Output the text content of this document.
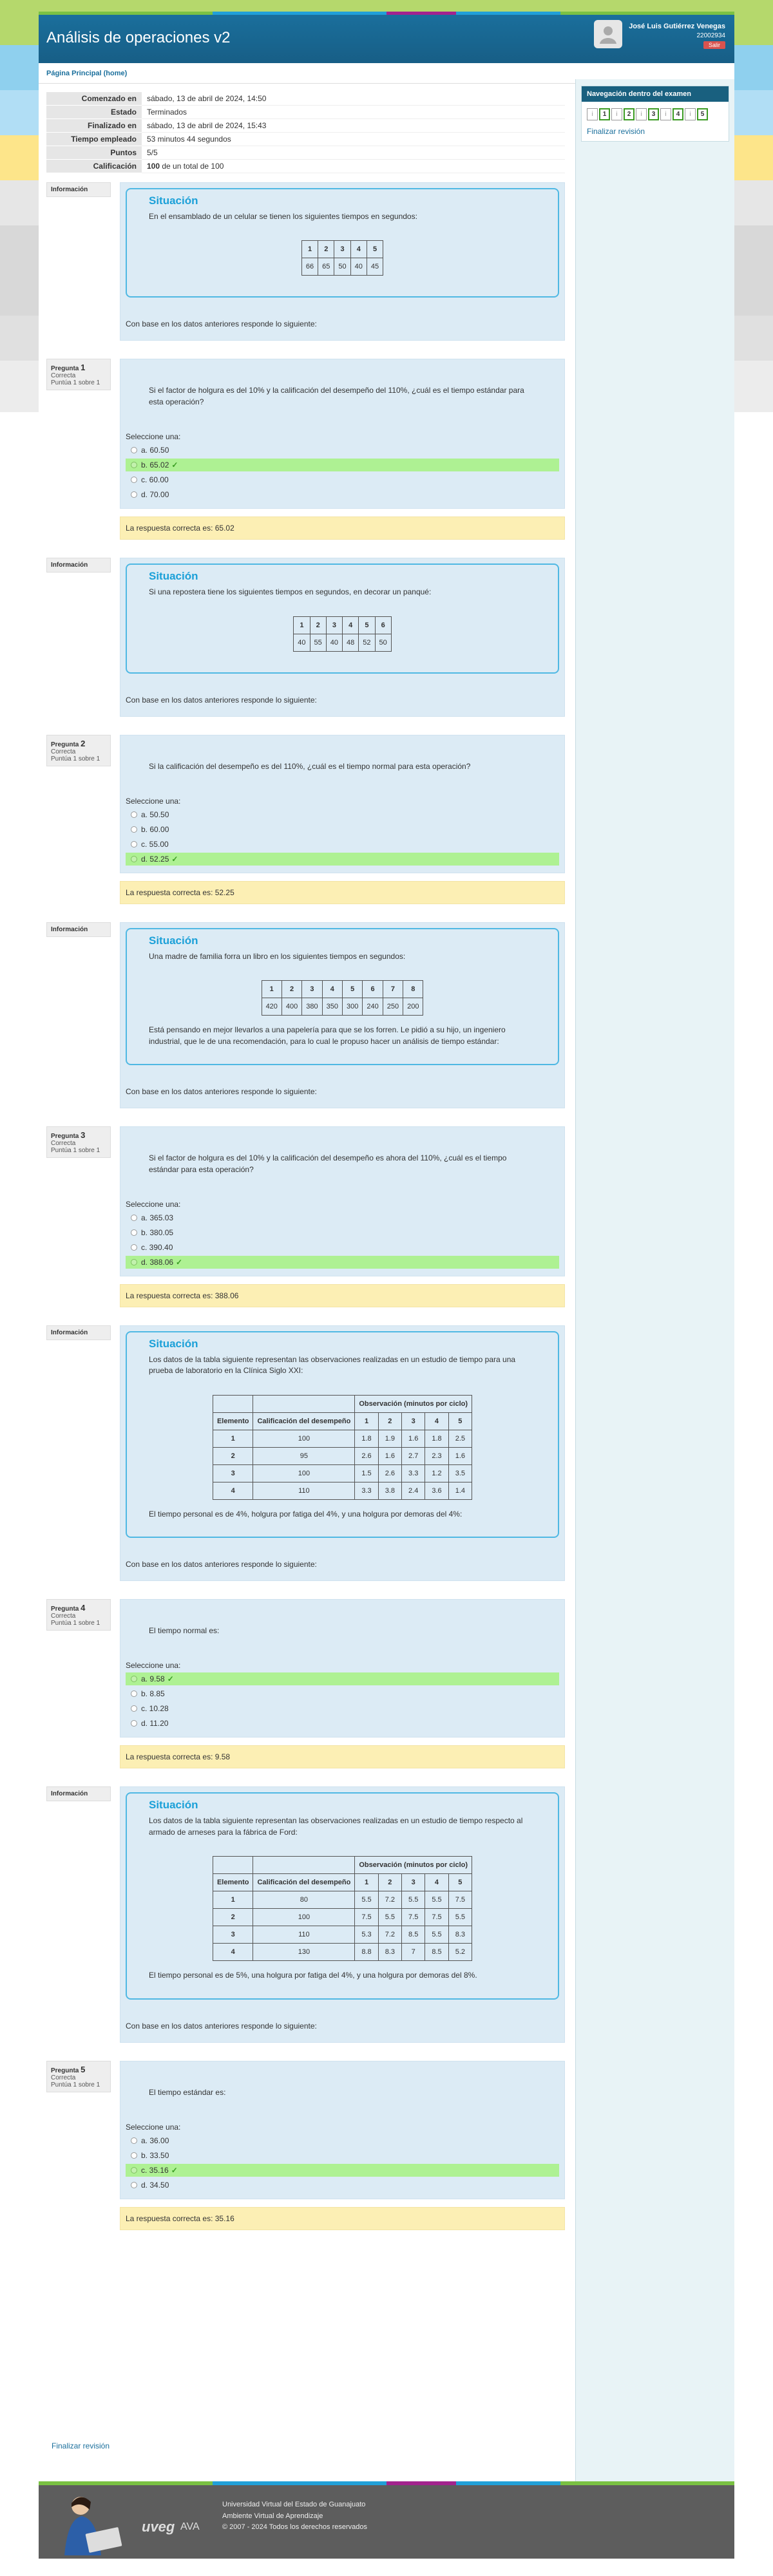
Análisis de operaciones v2
José Luis Gutiérrez Venegas
22002934
Salir
Página Principal (home)
Comenzado en	sábado, 13 de abril de 2024, 14:50
Estado	Terminados
Finalizado en	sábado, 13 de abril de 2024, 15:43
Tiempo empleado	53 minutos 44 segundos
Puntos	5/5
Calificación	100 de un total de 100
Información
Situación

En el ensamblado de un celular se tienen los siguientes tiempos en segundos:

1	2	3	4	5
66	65	50	40	45
Con base en los datos anteriores responde lo siguiente:
Pregunta 1
Correcta
Puntúa 1 sobre 1
Si el factor de holgura es del 10% y la calificación del desempeño del 110%, ¿cuál es el tiempo estándar para esta operación?
Seleccione una:
a. 60.50
b. 65.02 ✓
c. 60.00
d. 70.00
La respuesta correcta es: 65.02
Información
Situación

Si una repostera tiene los siguientes tiempos en segundos, en decorar un panqué:

1	2	3	4	5	6
40	55	40	48	52	50
Con base en los datos anteriores responde lo siguiente:
Pregunta 2
Correcta
Puntúa 1 sobre 1
Si la calificación del desempeño es del 110%, ¿cuál es el tiempo normal para esta operación?
Seleccione una:
a. 50.50
b. 60.00
c. 55.00
d. 52.25 ✓
La respuesta correcta es: 52.25
Información
Situación

Una madre de familia forra un libro en los siguientes tiempos en segundos:

1	2	3	4	5	6	7	8
420	400	380	350	300	240	250	200

Está pensando en mejor llevarlos a una papelería para que se los forren. Le pidió a su hijo, un ingeniero industrial, que le de una recomendación, para lo cual le propuso hacer un análisis de tiempo estándar:

Con base en los datos anteriores responde lo siguiente:
Pregunta 3
Correcta
Puntúa 1 sobre 1
Si el factor de holgura es del 10% y la calificación del desempeño es ahora del 110%, ¿cuál es el tiempo estándar para esta operación?
Seleccione una:
a. 365.03
b. 380.05
c. 390.40
d. 388.06 ✓
La respuesta correcta es: 388.06
Información
Situación

Los datos de la tabla siguiente representan las observaciones realizadas en un estudio de tiempo para una prueba de laboratorio en la Clínica Siglo XXI:

		Observación (minutos por ciclo)				
Elemento	Calificación del desempeño	1	2	3	4	5
1	100	1.8	1.9	1.6	1.8	2.5
2	95	2.6	1.6	2.7	2.3	1.6
3	100	1.5	2.6	3.3	1.2	3.5
4	110	3.3	3.8	2.4	3.6	1.4

El tiempo personal es de 4%, holgura por fatiga del 4%, y una holgura por demoras del 4%:

Con base en los datos anteriores responde lo siguiente:
Pregunta 4
Correcta
Puntúa 1 sobre 1
El tiempo normal es:
Seleccione una:
a. 9.58 ✓
b. 8.85
c. 10.28
d. 11.20
La respuesta correcta es: 9.58
Información
Situación

Los datos de la tabla siguiente representan las observaciones realizadas en un estudio de tiempo respecto al armado de arneses para la fábrica de Ford:

		Observación (minutos por ciclo)				
Elemento	Calificación del desempeño	1	2	3	4	5
1	80	5.5	7.2	5.5	5.5	7.5
2	100	7.5	5.5	7.5	7.5	5.5
3	110	5.3	7.2	8.5	5.5	8.3
4	130	8.8	8.3	7	8.5	5.2

El tiempo personal es de 5%, una holgura por fatiga del 4%, y una holgura por demoras del 8%.

Con base en los datos anteriores responde lo siguiente:
Pregunta 5
Correcta
Puntúa 1 sobre 1
El tiempo estándar es:
Seleccione una:
a. 36.00
b. 33.50
c. 35.16 ✓
d. 34.50
La respuesta correcta es: 35.16
Navegación dentro del examen
i 1 i 2 i 3 i 4 i 5
Finalizar revisión
Finalizar revisión
uveg AVA
Universidad Virtual del Estado de Guanajuato
Ambiente Virtual de Aprendizaje
© 2007 - 2024 Todos los derechos reservados
